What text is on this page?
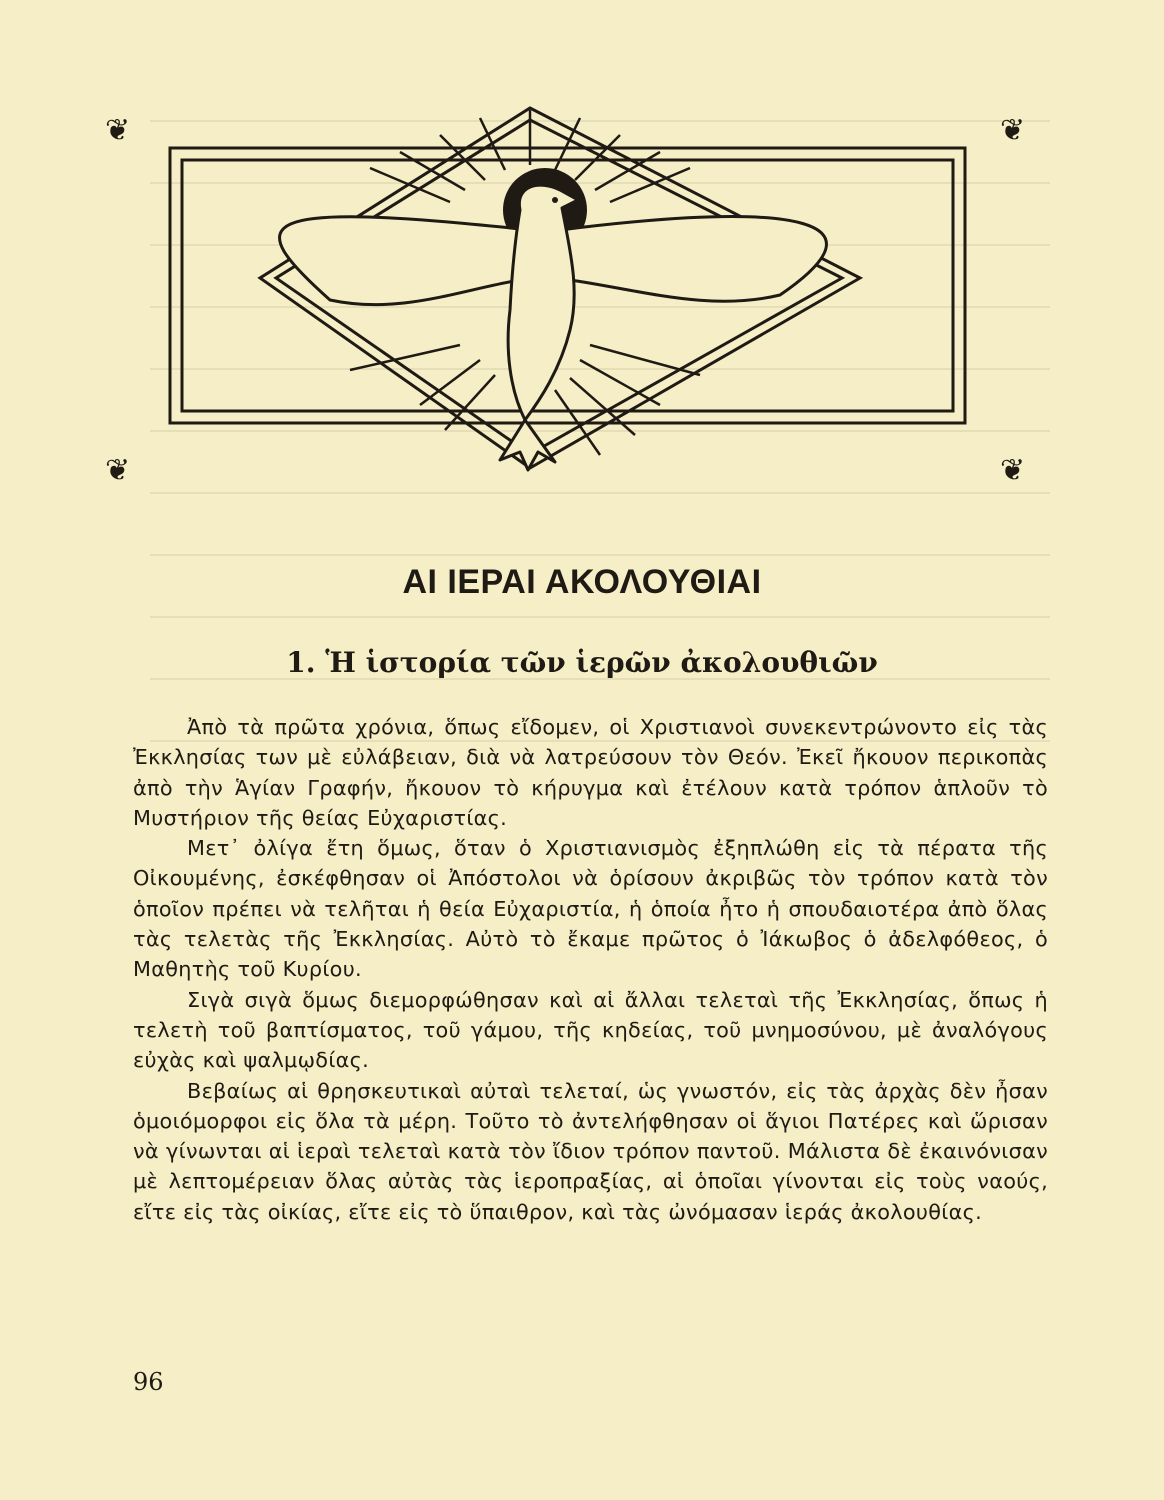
❦	❦
❦	❦
ΑΙ ΙΕΡΑΙ ΑΚΟΛΟΥΘΙΑΙ
1. Ἡ ἱστορία τῶν ἱερῶν ἀκολουθιῶν

Ἀπὸ τὰ πρῶτα χρόνια, ὅπως εἴδομεν, οἱ Χριστιανοὶ συνεκεντρώνοντο εἰς τὰς Ἐκκλησίας των μὲ εὐλάβειαν, διὰ νὰ λατρεύσουν τὸν Θεόν. Ἐκεῖ ἤκουον περικοπὰς ἀπὸ τὴν Ἁγίαν Γραφήν, ἤκουον τὸ κήρυγμα καὶ ἐτέλουν κατὰ τρόπον ἁπλοῦν τὸ Μυστήριον τῆς θείας Εὐχαριστίας.

Μετ᾽ ὀλίγα ἔτη ὅμως, ὅταν ὁ Χριστιανισμὸς ἐξηπλώθη εἰς τὰ πέρατα τῆς Οἰκουμένης, ἐσκέφθησαν οἱ Ἀπόστολοι νὰ ὁρίσουν ἀκριβῶς τὸν τρόπον κατὰ τὸν ὁποῖον πρέπει νὰ τελῆται ἡ θεία Εὐχαριστία, ἡ ὁποία ἦτο ἡ σπουδαιοτέρα ἀπὸ ὅλας τὰς τελετὰς τῆς Ἐκκλησίας. Αὐτὸ τὸ ἔκαμε πρῶτος ὁ Ἰάκωβος ὁ ἀδελφόθεος, ὁ Μαθητὴς τοῦ Κυρίου.

Σιγὰ σιγὰ ὅμως διεμορφώθησαν καὶ αἱ ἄλλαι τελεταὶ τῆς Ἐκκλησίας, ὅπως ἡ τελετὴ τοῦ βαπτίσματος, τοῦ γάμου, τῆς κηδείας, τοῦ μνημοσύνου, μὲ ἀναλόγους εὐχὰς καὶ ψαλμῳδίας.

Βεβαίως αἱ θρησκευτικαὶ αὐταὶ τελεταί, ὡς γνωστόν, εἰς τὰς ἀρχὰς δὲν ἦσαν ὁμοιόμορφοι εἰς ὅλα τὰ μέρη. Τοῦτο τὸ ἀντελήφθησαν οἱ ἅγιοι Πατέρες καὶ ὥρισαν νὰ γίνωνται αἱ ἱεραὶ τελεταὶ κατὰ τὸν ἴδιον τρόπον παντοῦ. Μάλιστα δὲ ἐκαινόνισαν μὲ λεπτομέρειαν ὅλας αὐτὰς τὰς ἱεροπραξίας, αἱ ὁποῖαι γίνονται εἰς τοὺς ναούς, εἴτε εἰς τὰς οἰκίας, εἴτε εἰς τὸ ὕπαιθρον, καὶ τὰς ὠνόμασαν ἱεράς ἀκολουθίας.

96
